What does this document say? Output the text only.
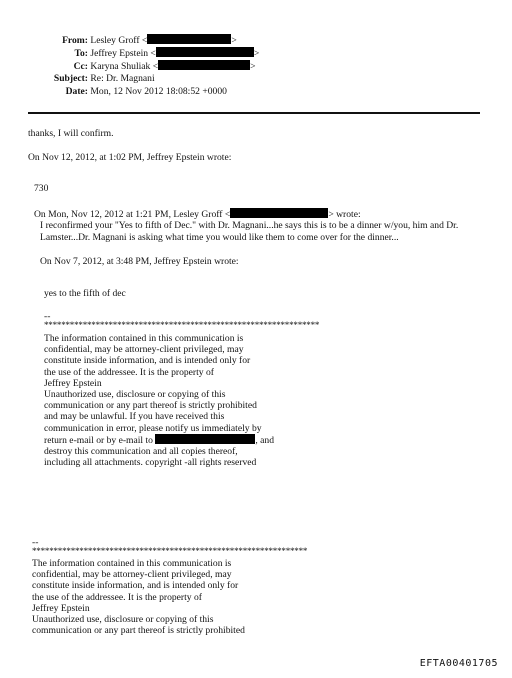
From: Lesley Groff <	>
To: Jeffrey Epstein <	>
Cc: Karyna Shuliak <	>
Subject: Re: Dr. Magnani
Date: Mon, 12 Nov 2012 18:08:52 +0000
thanks, I will confirm.
On Nov 12, 2012, at 1:02 PM, Jeffrey Epstein wrote:
730
On Mon, Nov 12, 2012 at 1:21 PM, Lesley Groff <	> wrote:
I reconfirmed your "Yes to fifth of Dec." with Dr. Magnani...he says this is to be a dinner w/you, him and Dr.
Lamster...Dr. Magnani is asking what time you would like them to come over for the dinner...
On Nov 7, 2012, at 3:48 PM, Jeffrey Epstein wrote:
yes to the fifth of dec
--
****************************************************************
The information contained in this communication is
confidential, may be attorney-client privileged, may
constitute inside information, and is intended only for
the use of the addressee. It is the property of
Jeffrey Epstein
Unauthorized use, disclosure or copying of this
communication or any part thereof is strictly prohibited
and may be unlawful. If you have received this
communication in error, please notify us immediately by
return e-mail or by e-mail to	, and
destroy this communication and all copies thereof,
including all attachments. copyright -all rights reserved
--
****************************************************************
The information contained in this communication is
confidential, may be attorney-client privileged, may
constitute inside information, and is intended only for
the use of the addressee. It is the property of
Jeffrey Epstein
Unauthorized use, disclosure or copying of this
communication or any part thereof is strictly prohibited
EFTA00401705
